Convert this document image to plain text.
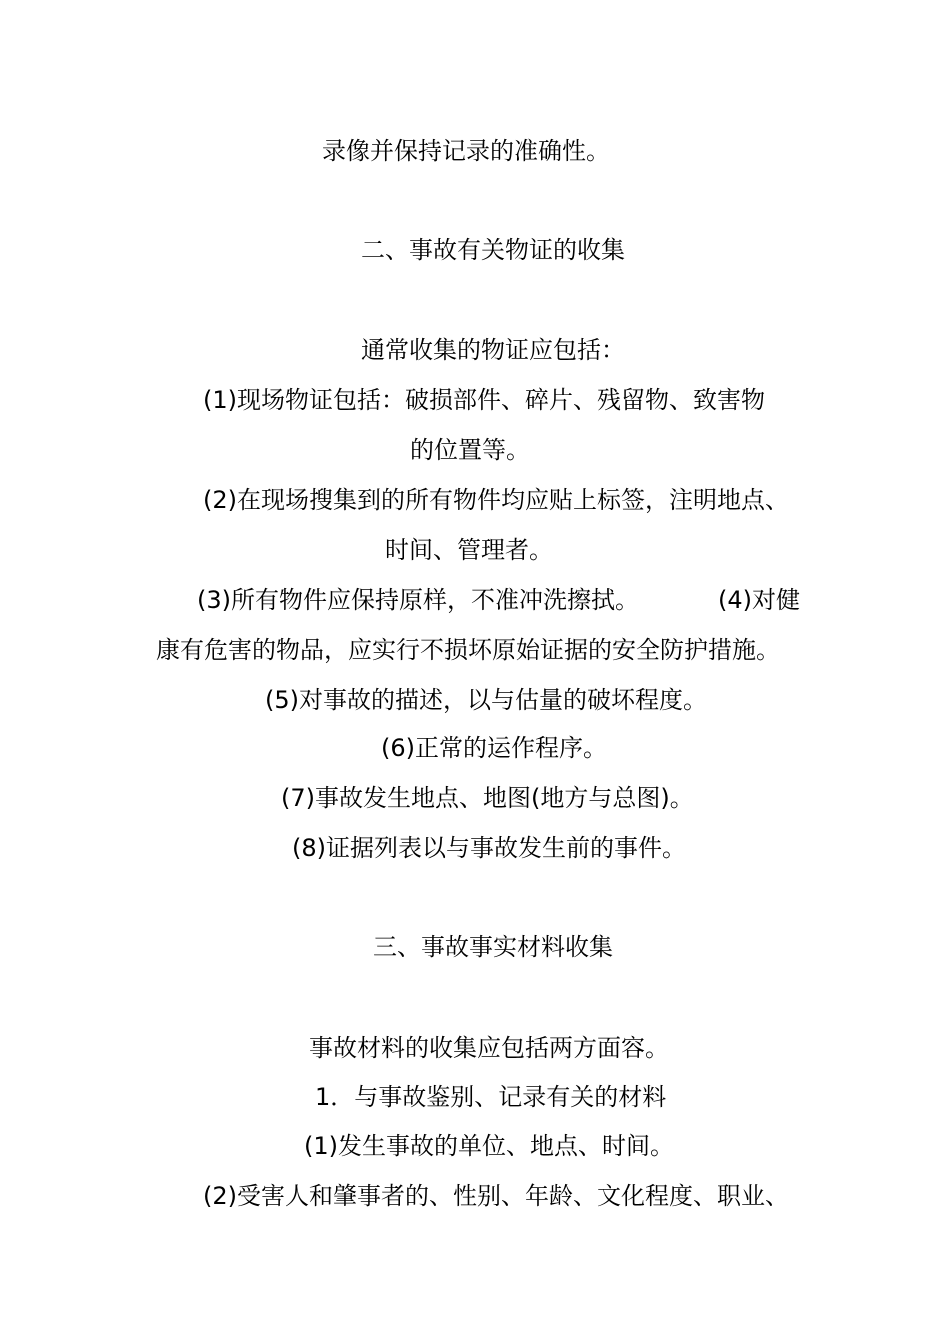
录像并保持记录的准确性。
二、事故有关物证的收集
通常收集的物证应包括：
(1)现场物证包括：破损部件、碎片、残留物、致害物
的位置等。
(2)在现场搜集到的所有物件均应贴上标签，注明地点、
时间、管理者。
(3)所有物件应保持原样，不准冲洗擦拭。	(4)对健
康有危害的物品，应实行不损坏原始证据的安全防护措施。
(5)对事故的描述，以与估量的破坏程度。
(6)正常的运作程序。
(7)事故发生地点、地图(地方与总图)。
(8)证据列表以与事故发生前的事件。
三、事故事实材料收集
事故材料的收集应包括两方面容。
1．与事故鉴别、记录有关的材料
(1)发生事故的单位、地点、时间。
(2)受害人和肇事者的、性别、年龄、文化程度、职业、
